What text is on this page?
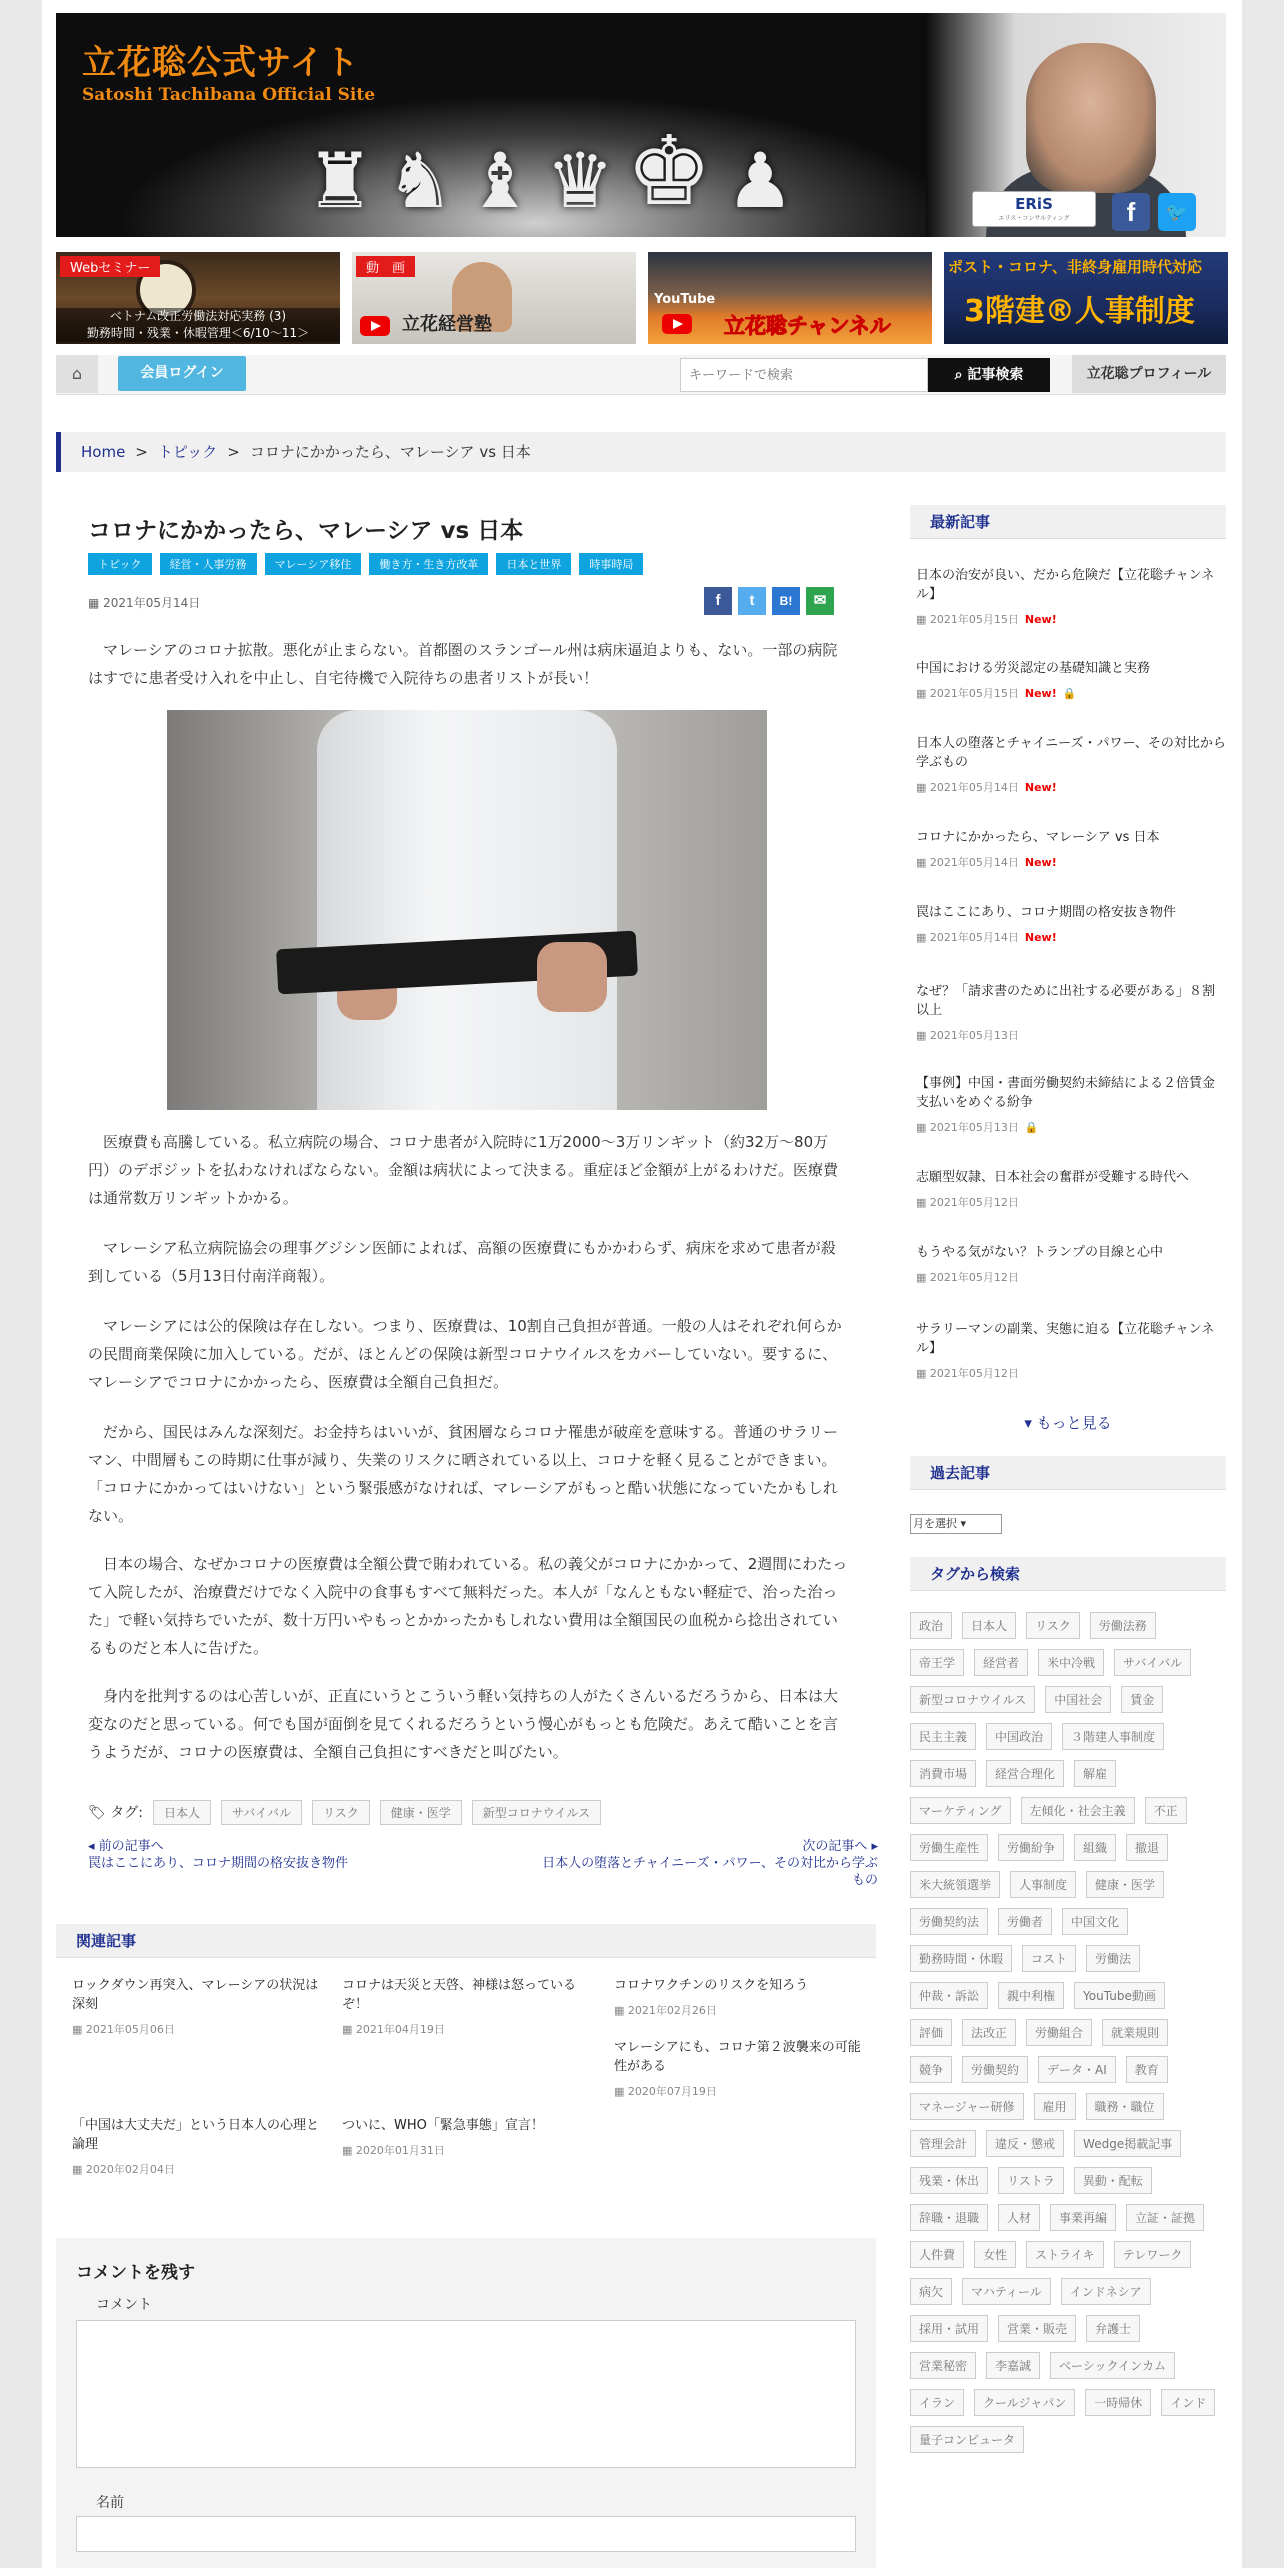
♜ ♞ ♝ ♛ ♚ ♟
立花聡公式サイト
Satoshi Tachibana Official Site
ERiS
エリス・コンサルティング	f	🐦
Webセミナー
ベトナム改正労働法対応実務 (3)
勤務時間・残業・休暇管理＜6/10～11＞
動　画
立花経営塾
YouTube
立花聡チャンネル
ポスト・コロナ、非終身雇用時代対応
3階建®人事制度
⌂	会員ログイン
キーワードで検索	⌕ 記事検索	立花聡プロフィール
Home > トピック > コロナにかかったら、マレーシア vs 日本
コロナにかかったら、マレーシア vs 日本
トピック	経営・人事労務	マレーシア移住	働き方・生き方改革	日本と世界	時事時局
▦ 2021年05月14日	f t B! ✉

マレーシアのコロナ拡散。悪化が止まらない。首都圏のスランゴール州は病床逼迫よりも、ない。一部の病院はすでに患者受け入れを中止し、自宅待機で入院待ちの患者リストが長い！

医療費も高騰している。私立病院の場合、コロナ患者が入院時に1万2000～3万リンギット（約32万～80万円）のデポジットを払わなければならない。金額は病状によって決まる。重症ほど金額が上がるわけだ。医療費は通常数万リンギットかかる。

マレーシア私立病院協会の理事グジシン医師によれば、高額の医療費にもかかわらず、病床を求めて患者が殺到している（5月13日付南洋商報）。

マレーシアには公的保険は存在しない。つまり、医療費は、10割自己負担が普通。一般の人はそれぞれ何らかの民間商業保険に加入している。だが、ほとんどの保険は新型コロナウイルスをカバーしていない。要するに、マレーシアでコロナにかかったら、医療費は全額自己負担だ。

だから、国民はみんな深刻だ。お金持ちはいいが、貧困層ならコロナ罹患が破産を意味する。普通のサラリーマン、中間層もこの時期に仕事が減り、失業のリスクに晒されている以上、コロナを軽く見ることができまい。「コロナにかかってはいけない」という緊張感がなければ、マレーシアがもっと酷い状態になっていたかもしれない。

日本の場合、なぜかコロナの医療費は全額公費で賄われている。私の義父がコロナにかかって、2週間にわたって入院したが、治療費だけでなく入院中の食事もすべて無料だった。本人が「なんともない軽症で、治った治った」で軽い気持ちでいたが、数十万円いやもっとかかったかもしれない費用は全額国民の血税から捻出されているものだと本人に告げた。

身内を批判するのは心苦しいが、正直にいうとこういう軽い気持ちの人がたくさんいるだろうから、日本は大変なのだと思っている。何でも国が面倒を見てくれるだろうという慢心がもっとも危険だ。あえて酷いことを言うようだが、コロナの医療費は、全額自己負担にすべきだと叫びたい。

🏷 タグ: 日本人	サバイバル	リスク	健康・医学	新型コロナウイルス
◂ 前の記事へ
罠はここにあり、コロナ期間の格安抜き物件
次の記事へ ▸
日本人の堕落とチャイニーズ・パワー、その対比から学ぶもの
関連記事
ロックダウン再突入、マレーシアの状況は深刻
▦ 2021年05月06日
コロナは天災と天啓、神様は怒っているぞ！
▦ 2021年04月19日
コロナワクチンのリスクを知ろう
▦ 2021年02月26日
マレーシアにも、コロナ第２波襲来の可能性がある
▦ 2020年07月19日
「中国は大丈夫だ」という日本人の心理と論理
▦ 2020年02月04日
ついに、WHO「緊急事態」宣言！
▦ 2020年01月31日
コメントを残す
コメント
名前
最新記事
日本の治安が良い、だから危険だ【立花聡チャンネル】
▦ 2021年05月15日 New!
中国における労災認定の基礎知識と実務
▦ 2021年05月15日 New! 🔒
日本人の堕落とチャイニーズ・パワー、その対比から学ぶもの
▦ 2021年05月14日 New!
コロナにかかったら、マレーシア vs 日本
▦ 2021年05月14日 New!
罠はここにあり、コロナ期間の格安抜き物件
▦ 2021年05月14日 New!
なぜ？「請求書のために出社する必要がある」８割以上
▦ 2021年05月13日
【事例】中国・書面労働契約未締結による２倍賃金支払いをめぐる紛争
▦ 2021年05月13日 🔒
志願型奴隷、日本社会の奮群が受難する時代へ
▦ 2021年05月12日
もうやる気がない？トランプの目線と心中
▦ 2021年05月12日
サラリーマンの副業、実態に迫る【立花聡チャンネル】
▦ 2021年05月12日
▾ もっと見る
過去記事
月を選択 ▾
タグから検索
政治 日本人 リスク 労働法務帝王学 経営者 米中冷戦 サバイバル新型コロナウイルス 中国社会 賃金民主主義 中国政治 ３階建人事制度消費市場 経営合理化 解雇マーケティング 左傾化・社会主義 不正労働生産性 労働紛争 組織 撤退米大統領選挙 人事制度 健康・医学労働契約法 労働者 中国文化勤務時間・休暇 コスト 労働法仲裁・訴訟 親中利権 YouTube動画評価 法改正 労働組合 就業規則競争 労働契約 データ・AI 教育マネージャー研修 雇用 職務・職位管理会計 違反・懲戒 Wedge掲載記事残業・休出 リストラ 異動・配転辞職・退職 人材 事業再編 立証・証拠人件費 女性 ストライキ テレワーク病欠 マハティール インドネシア採用・試用 営業・販売 弁護士営業秘密 李嘉誠 ベーシックインカムイラン クールジャパン 一時帰休 インド量子コンピュータ
